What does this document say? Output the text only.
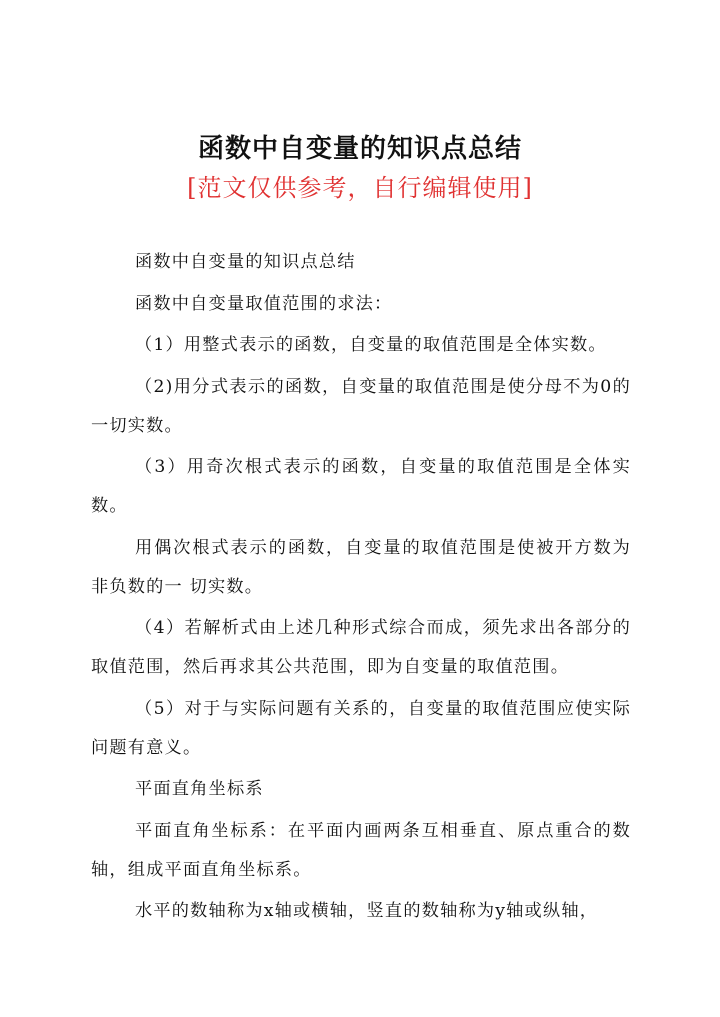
函数中自变量的知识点总结
[范文仅供参考，自行编辑使用]

函数中自变量的知识点总结

函数中自变量取值范围的求法：

（1）用整式表示的函数，自变量的取值范围是全体实数。

（2)用分式表示的函数，自变量的取值范围是使分母不为0的一切实数。

（3）用奇次根式表示的函数，自变量的取值范围是全体实数。

用偶次根式表示的函数，自变量的取值范围是使被开方数为非负数的一 切实数。

（4）若解析式由上述几种形式综合而成，须先求出各部分的取值范围，然后再求其公共范围，即为自变量的取值范围。

（5）对于与实际问题有关系的，自变量的取值范围应使实际问题有意义。

平面直角坐标系

平面直角坐标系：在平面内画两条互相垂直、原点重合的数轴，组成平面直角坐标系。

水平的数轴称为x轴或横轴，竖直的数轴称为y轴或纵轴，
